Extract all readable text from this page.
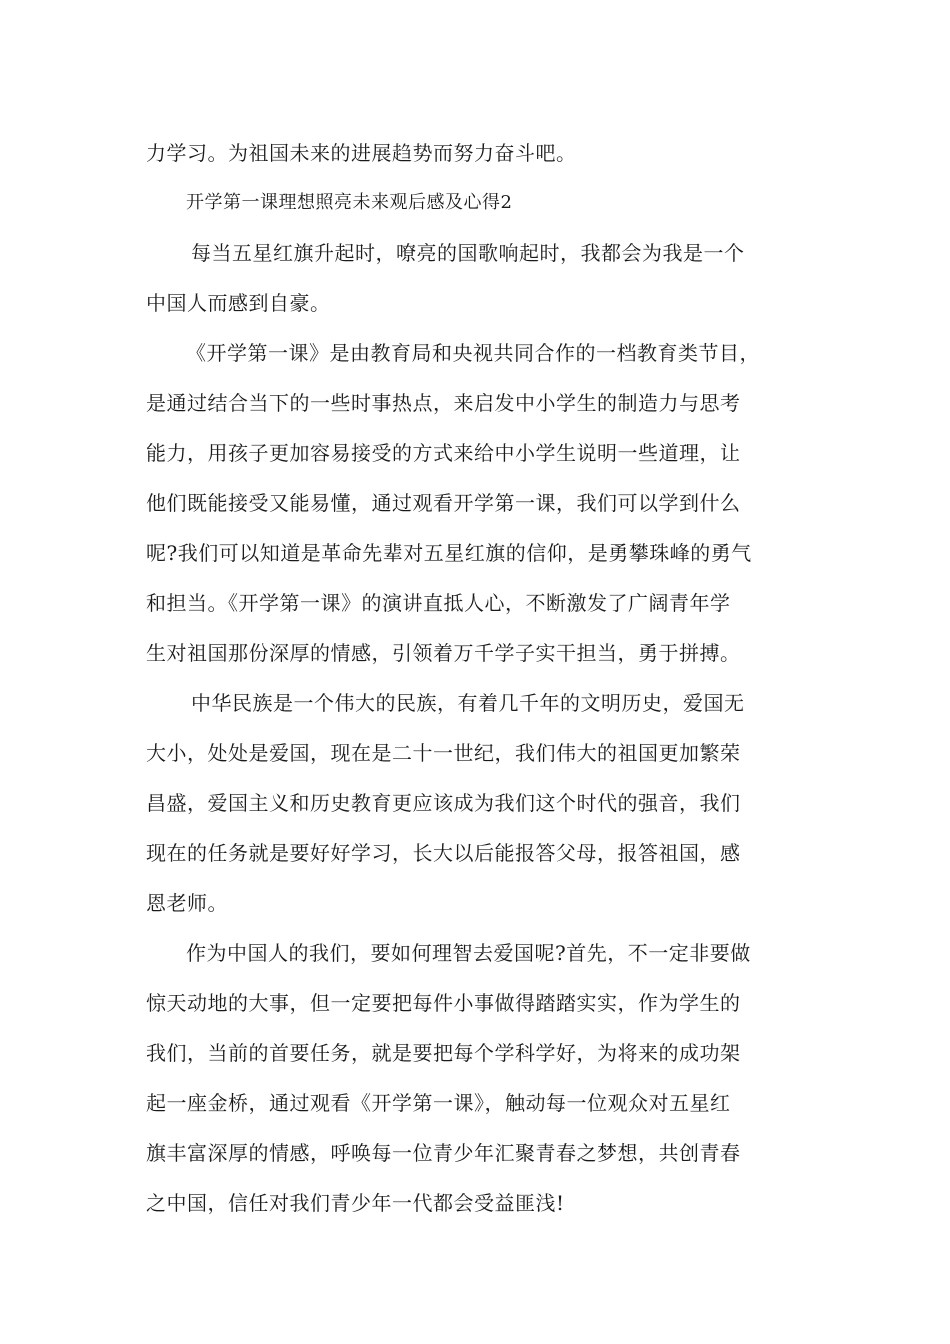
力学习。为祖国未来的进展趋势而努力奋斗吧。
开学第一课理想照亮未来观后感及心得2
每当五星红旗升起时，嘹亮的国歌响起时，我都会为我是一个
中国人而感到自豪。
《开学第一课》是由教育局和央视共同合作的一档教育类节目，
是通过结合当下的一些时事热点，来启发中小学生的制造力与思考
能力，用孩子更加容易接受的方式来给中小学生说明一些道理，让
他们既能接受又能易懂，通过观看开学第一课，我们可以学到什么
呢?我们可以知道是革命先辈对五星红旗的信仰，是勇攀珠峰的勇气
和担当。《开学第一课》的演讲直抵人心，不断激发了广阔青年学
生对祖国那份深厚的情感，引领着万千学子实干担当，勇于拼搏。
中华民族是一个伟大的民族，有着几千年的文明历史，爱国无
大小，处处是爱国，现在是二十一世纪，我们伟大的祖国更加繁荣
昌盛，爱国主义和历史教育更应该成为我们这个时代的强音，我们
现在的任务就是要好好学习，长大以后能报答父母，报答祖国，感
恩老师。
作为中国人的我们，要如何理智去爱国呢?首先，不一定非要做
惊天动地的大事，但一定要把每件小事做得踏踏实实，作为学生的
我们，当前的首要任务，就是要把每个学科学好，为将来的成功架
起一座金桥，通过观看《开学第一课》，触动每一位观众对五星红
旗丰富深厚的情感，呼唤每一位青少年汇聚青春之梦想，共创青春
之中国，信任对我们青少年一代都会受益匪浅!
